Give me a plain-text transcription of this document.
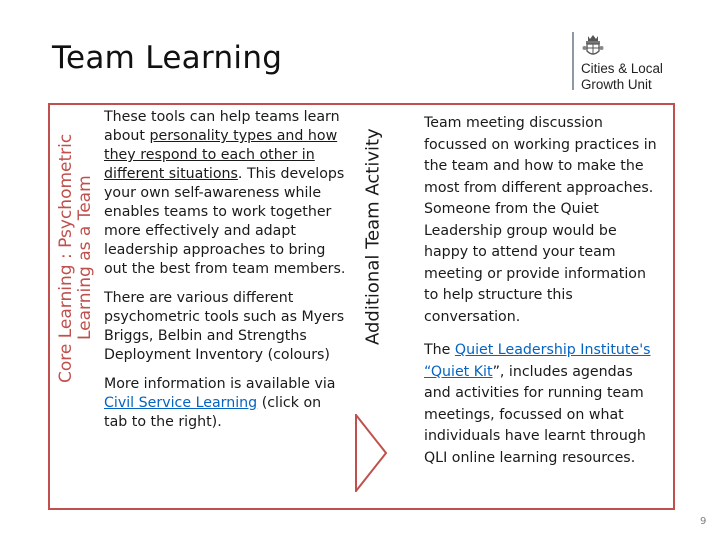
Team Learning	Cities & Local
Growth Unit
Core Learning : Psychometric Learning as a Team	Additional Team Activity

These tools can help teams learn about personality types and how they respond to each other in different situations. This develops your own self-awareness while enables teams to work together more effectively and adapt leadership approaches to bring out the best from team members.

There are various different psychometric tools such as Myers Briggs, Belbin and Strengths Deployment Inventory (colours)

More information is available via Civil Service Learning (click on tab to the right).

Team meeting discussion focussed on working practices in the team and how to make the most from different approaches. Someone from the Quiet Leadership group would be happy to attend your team meeting or provide information to help structure this conversation.

The Quiet Leadership Institute's “Quiet Kit”, includes agendas and activities for running team meetings, focussed on what individuals have learnt through QLI online learning resources.

9
